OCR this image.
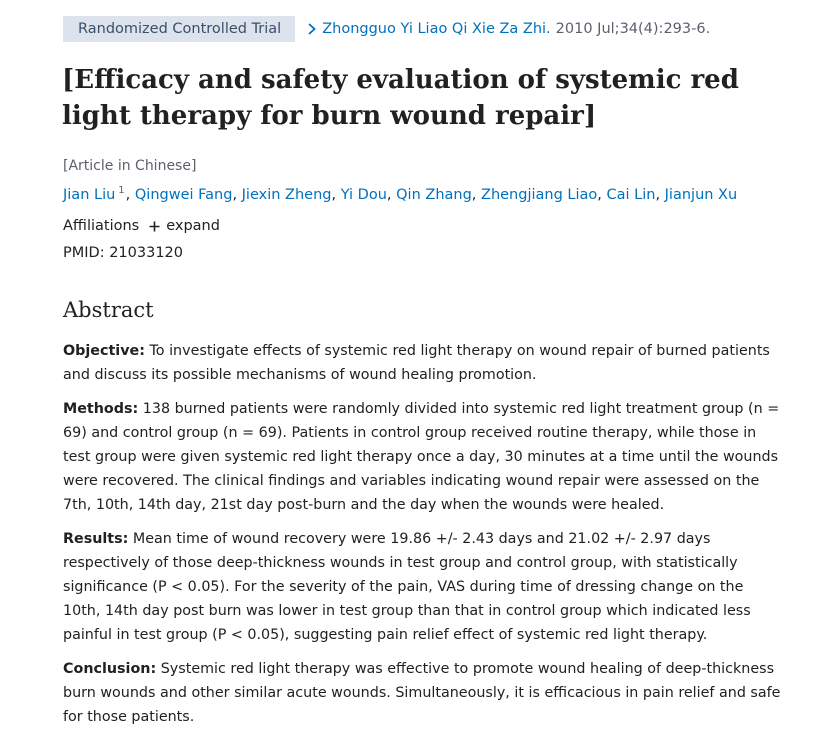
Randomized Controlled Trial	Zhongguo Yi Liao Qi Xie Za Zhi. 2010 Jul;34(4):293-6.
[Efficacy and safety evaluation of systemic red light therapy for burn wound repair]
[Article in Chinese]
Jian Liu $^1$, Qingwei Fang, Jiexin Zheng, Yi Dou, Qin Zhang, Zhengjiang Liao, Cai Lin, Jianjun Xu
Affiliations expand
PMID: 21033120
Abstract

Objective: To investigate effects of systemic red light therapy on wound repair of burned patients and discuss its possible mechanisms of wound healing promotion.

Methods: 138 burned patients were randomly divided into systemic red light treatment group (n = 69) and control group (n = 69). Patients in control group received routine therapy, while those in test group were given systemic red light therapy once a day, 30 minutes at a time until the wounds were recovered. The clinical findings and variables indicating wound repair were assessed on the 7th, 10th, 14th day, 21st day post-burn and the day when the wounds were healed.

Results: Mean time of wound recovery were 19.86 +/- 2.43 days and 21.02 +/- 2.97 days respectively of those deep-thickness wounds in test group and control group, with statistically significance (P < 0.05). For the severity of the pain, VAS during time of dressing change on the 10th, 14th day post burn was lower in test group than that in control group which indicated less painful in test group (P < 0.05), suggesting pain relief effect of systemic red light therapy.

Conclusion: Systemic red light therapy was effective to promote wound healing of deep-thickness burn wounds and other similar acute wounds. Simultaneously, it is efficacious in pain relief and safe for those patients.
